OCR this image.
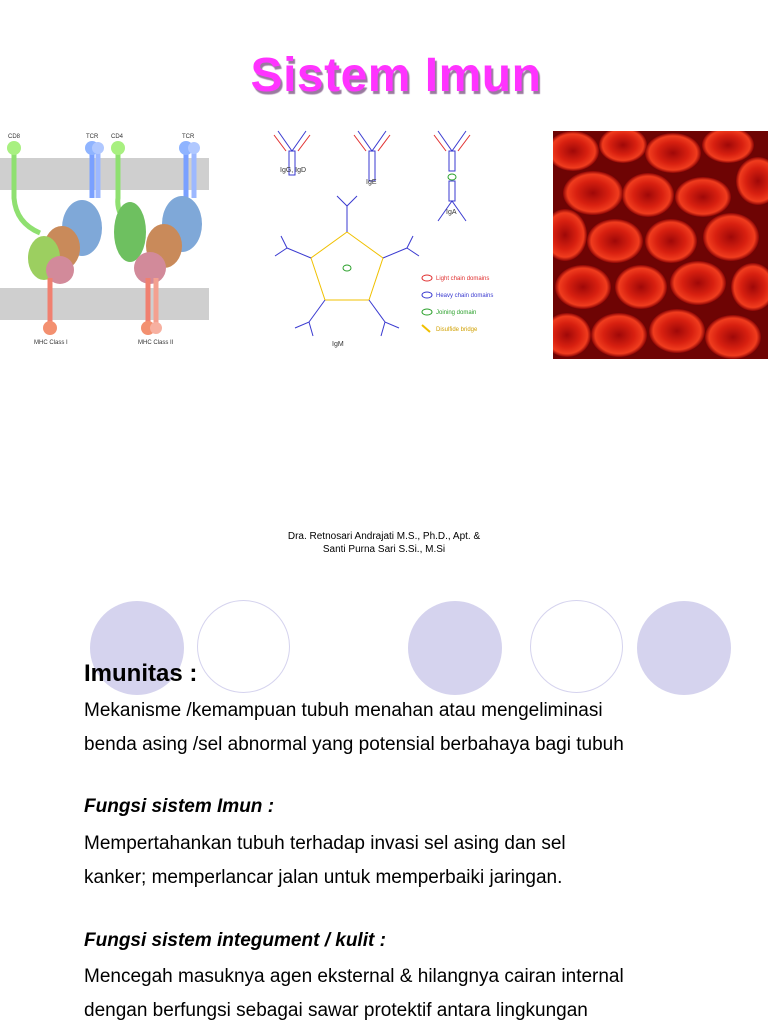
Sistem Imun
CD8	TCR CD4	TCR
MHC Class I	MHC Class II
IgG, IgD
IgE
IgA
IgM
Light chain domains
Heavy chain domains
Joining domain
Disulfide bridge
Dra. Retnosari Andrajati M.S., Ph.D., Apt. &
Santi Purna Sari S.Si., M.Si
Imunitas :
Mekanisme /kemampuan tubuh menahan atau mengeliminasi
benda asing /sel abnormal yang potensial berbahaya bagi tubuh
Fungsi sistem Imun :
Mempertahankan tubuh terhadap invasi sel asing dan sel
kanker; memperlancar jalan untuk memperbaiki jaringan.
Fungsi sistem integument / kulit :
Mencegah masuknya agen eksternal & hilangnya cairan internal
dengan berfungsi sebagai sawar protektif antara lingkungan
